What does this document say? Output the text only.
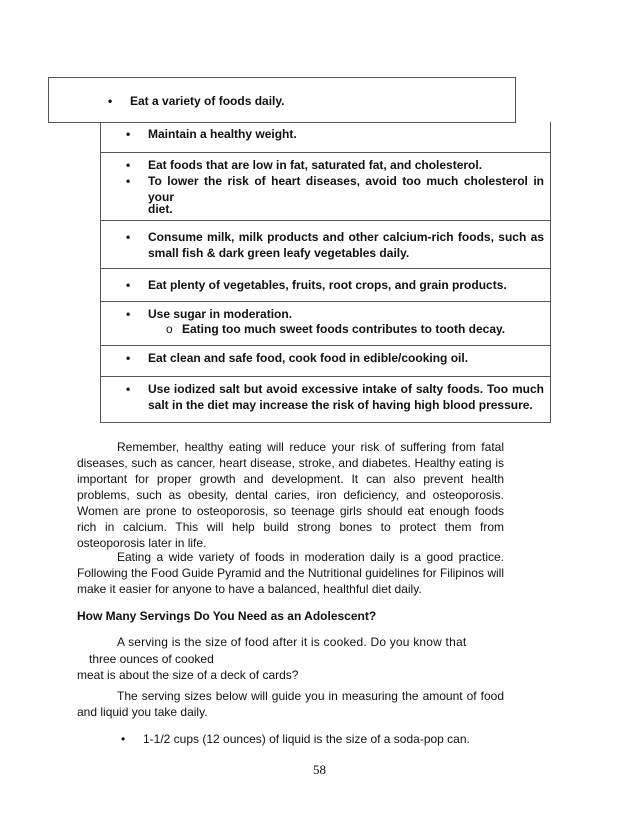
•	Eat a variety of foods daily.
•	Maintain a healthy weight.
•	Eat foods that are low in fat, saturated fat, and cholesterol.
•	To lower the risk of heart diseases, avoid too much cholesterol in your
diet.
•	Consume milk, milk products and other calcium-rich foods, such as small fish & dark green leafy vegetables daily.
•	Eat plenty of vegetables, fruits, root crops, and grain products.
•	Use sugar in moderation.
o Eating too much sweet foods contributes to tooth decay.
•	Eat clean and safe food, cook food in edible/cooking oil.
•	Use iodized salt but avoid excessive intake of salty foods. Too much salt in the diet may increase the risk of having high blood pressure.
Remember, healthy eating will reduce your risk of suffering from fatal diseases, such as cancer, heart disease, stroke, and diabetes. Healthy eating is important for proper growth and development. It can also prevent health problems, such as obesity, dental caries, iron deficiency, and osteoporosis. Women are prone to osteoporosis, so teenage girls should eat enough foods rich in calcium. This will help build strong bones to protect them from osteoporosis later in life.
Eating a wide variety of foods in moderation daily is a good practice. Following the Food Guide Pyramid and the Nutritional guidelines for Filipinos will make it easier for anyone to have a balanced, healthful diet daily.
How Many Servings Do You Need as an Adolescent?
A serving is the size of food after it is cooked. Do you know that
three ounces of cooked
meat is about the size of a deck of cards?
The serving sizes below will guide you in measuring the amount of food and liquid you take daily.
•	1-1/2 cups (12 ounces) of liquid is the size of a soda-pop can.
58
